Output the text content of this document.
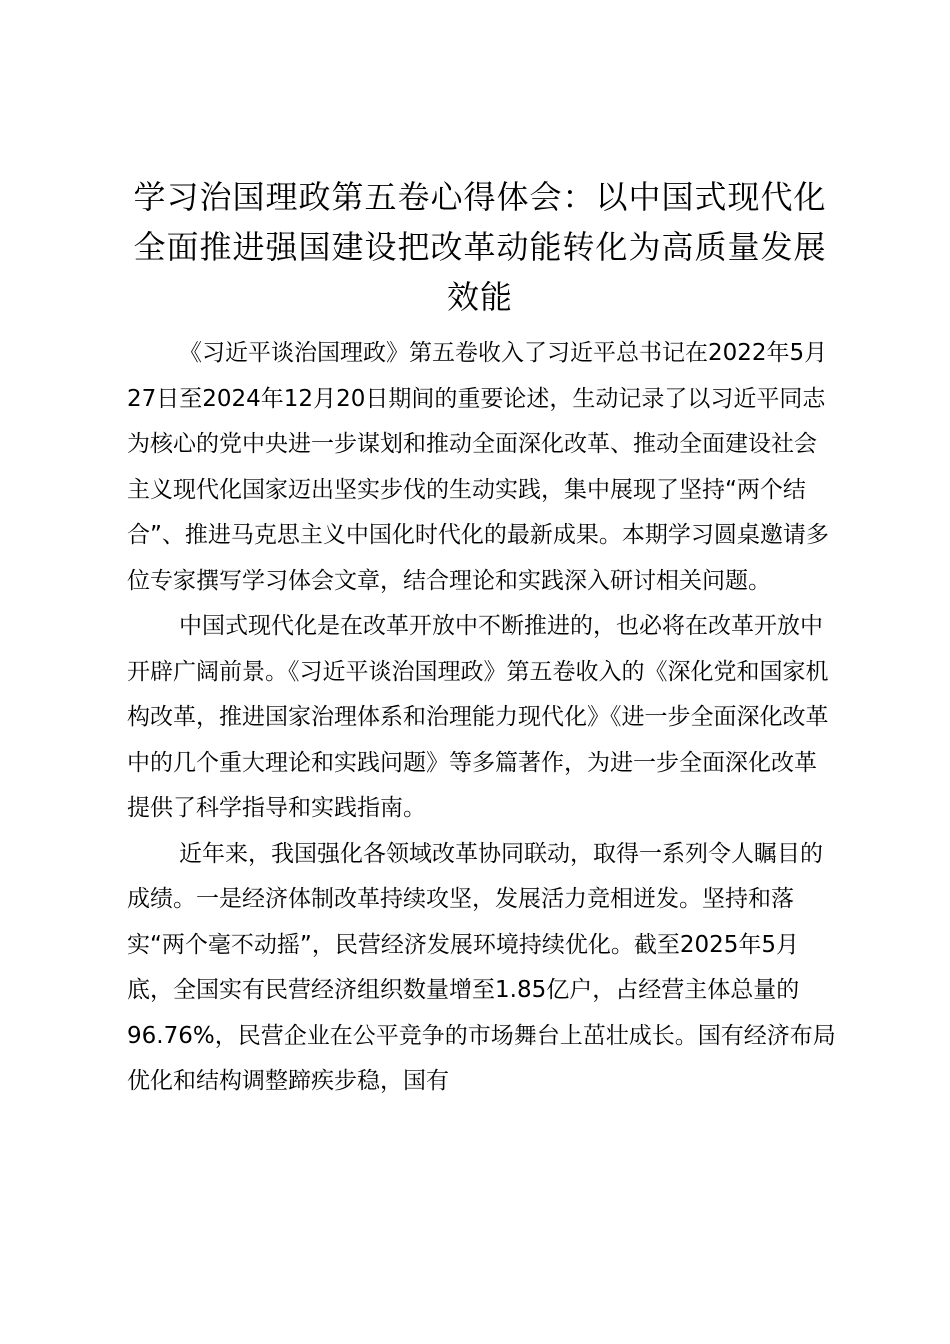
学习治国理政第五卷心得体会：以中国式现代化全面推进强国建设把改革动能转化为高质量发展效能

《习近平谈治国理政》第五卷收入了习近平总书记在2022年5月27日至2024年12月20日期间的重要论述，生动记录了以习近平同志为核心的党中央进一步谋划和推动全面深化改革、推动全面建设社会主义现代化国家迈出坚实步伐的生动实践，集中展现了坚持“两个结合”、推进马克思主义中国化时代化的最新成果。本期学习圆桌邀请多位专家撰写学习体会文章，结合理论和实践深入研讨相关问题。

中国式现代化是在改革开放中不断推进的，也必将在改革开放中开辟广阔前景。《习近平谈治国理政》第五卷收入的《深化党和国家机构改革，推进国家治理体系和治理能力现代化》《进一步全面深化改革中的几个重大理论和实践问题》等多篇著作，为进一步全面深化改革提供了科学指导和实践指南。

近年来，我国强化各领域改革协同联动，取得一系列令人瞩目的成绩。一是经济体制改革持续攻坚，发展活力竞相迸发。坚持和落实“两个毫不动摇”，民营经济发展环境持续优化。截至2025年5月底，全国实有民营经济组织数量增至1.85亿户，占经营主体总量的96.76%，民营企业在公平竞争的市场舞台上茁壮成长。国有经济布局优化和结构调整蹄疾步稳，国有
